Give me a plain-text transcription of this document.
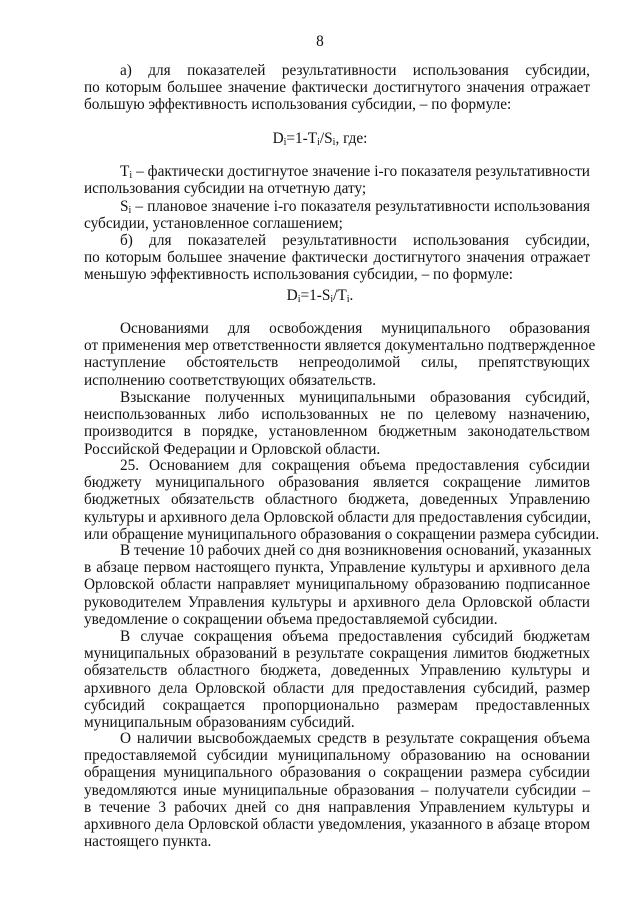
8
а) для показателей результативности использования субсидии,
по которым большее значение фактически достигнутого значения отражает
большую эффективность использования субсидии, – по формуле:
$D_i=1-T_i/S_i$, где:
$T_i$ – фактически достигнутое значение i-го показателя результативности
использования субсидии на отчетную дату;
$S_i$ – плановое значение i-го показателя результативности использования
субсидии, установленное соглашением;
б) для показателей результативности использования субсидии,
по которым большее значение фактически достигнутого значения отражает
меньшую эффективность использования субсидии, – по формуле:
$D_i=1-S_i/T_i$.
Основаниями для освобождения муниципального образования
от применения мер ответственности является документально подтвержденное
наступление обстоятельств непреодолимой силы, препятствующих
исполнению соответствующих обязательств.
Взыскание полученных муниципальными образования субсидий,
неиспользованных либо использованных не по целевому назначению,
производится в порядке, установленном бюджетным законодательством
Российской Федерации и Орловской области.
25. Основанием для сокращения объема предоставления субсидии
бюджету муниципального образования является сокращение лимитов
бюджетных обязательств областного бюджета, доведенных Управлению
культуры и архивного дела Орловской области для предоставления субсидии,
или обращение муниципального образования о сокращении размера субсидии.
В течение 10 рабочих дней со дня возникновения оснований, указанных
в абзаце первом настоящего пункта, Управление культуры и архивного дела
Орловской области направляет муниципальному образованию подписанное
руководителем Управления культуры и архивного дела Орловской области
уведомление о сокращении объема предоставляемой субсидии.
В случае сокращения объема предоставления субсидий бюджетам
муниципальных образований в результате сокращения лимитов бюджетных
обязательств областного бюджета, доведенных Управлению культуры и
архивного дела Орловской области для предоставления субсидий, размер
субсидий сокращается пропорционально размерам предоставленных
муниципальным образованиям субсидий.
О наличии высвобождаемых средств в результате сокращения объема
предоставляемой субсидии муниципальному образованию на основании
обращения муниципального образования о сокращении размера субсидии
уведомляются иные муниципальные образования – получатели субсидии –
в течение 3 рабочих дней со дня направления Управлением культуры и
архивного дела Орловской области уведомления, указанного в абзаце втором
настоящего пункта.
